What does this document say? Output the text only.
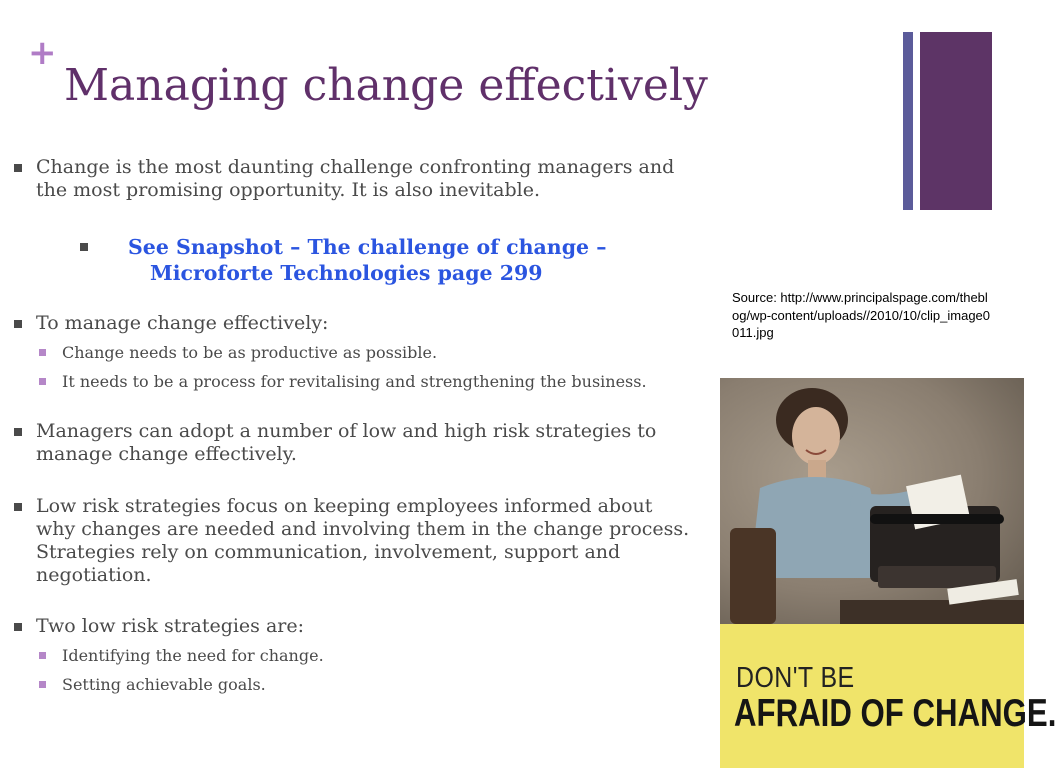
+
Managing change effectively
Change is the most daunting challenge confronting managers and the most promising opportunity. It is also inevitable.
See Snapshot – The challenge of change –
Microforte Technologies page 299
To manage change effectively:
Change needs to be as productive as possible.
It needs to be a process for revitalising and strengthening the business.
Managers can adopt a number of low and high risk strategies to manage change effectively.
Low risk strategies focus on keeping employees informed about why changes are needed and involving them in the change process. Strategies rely on communication, involvement, support and negotiation.
Two low risk strategies are:
Identifying the need for change.
Setting achievable goals.
Source: http://www.principalspage.com/theblog/wp-content/uploads//2010/10/clip_image0011.jpg
DON'T BE
AFRAID OF CHANGE.
